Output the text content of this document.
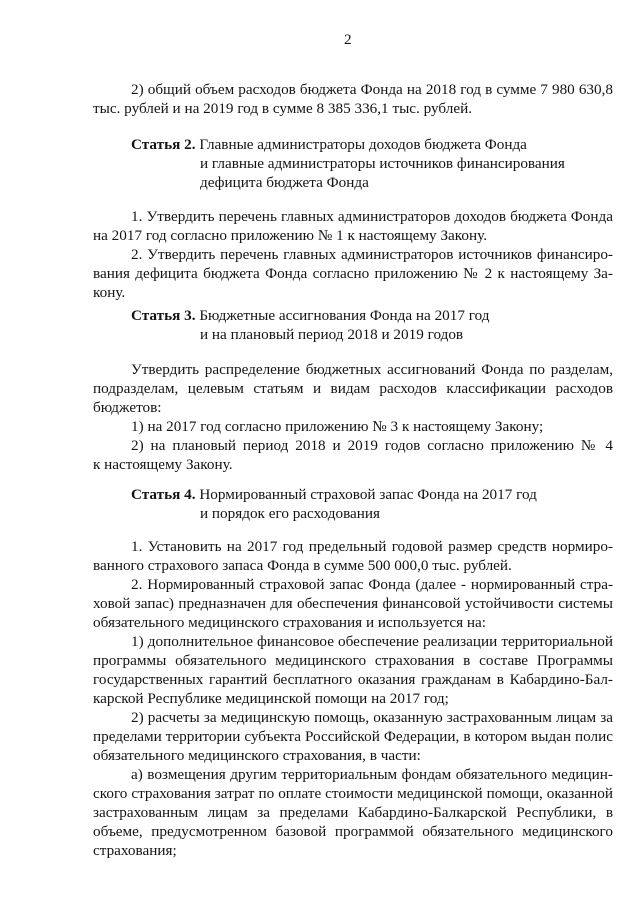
2
2) общий объем расходов бюджета Фонда на 2018 год в сумме 7 980 630,8
тыс. рублей и на 2019 год в сумме 8 385 336,1 тыс. рублей.
Статья 2. Главные администраторы доходов бюджета Фонда
и главные администраторы источников финансирования
дефицита бюджета Фонда
1. Утвердить перечень главных администраторов доходов бюджета Фонда
на 2017 год согласно приложению № 1 к настоящему Закону.
2. Утвердить перечень главных администраторов источников финансиро-
вания дефицита бюджета Фонда согласно приложению № 2 к настоящему За-
кону.
Статья 3. Бюджетные ассигнования Фонда на 2017 год
и на плановый период 2018 и 2019 годов
Утвердить распределение бюджетных ассигнований Фонда по разделам,
подразделам, целевым статьям и видам расходов классификации расходов
бюджетов:
1) на 2017 год согласно приложению № 3 к настоящему Закону;
2) на плановый период 2018 и 2019 годов согласно приложению № 4
к настоящему Закону.
Статья 4. Нормированный страховой запас Фонда на 2017 год
и порядок его расходования
1. Установить на 2017 год предельный годовой размер средств нормиро-
ванного страхового запаса Фонда в сумме 500 000,0 тыс. рублей.
2. Нормированный страховой запас Фонда (далее - нормированный стра-
ховой запас) предназначен для обеспечения финансовой устойчивости системы
обязательного медицинского страхования и используется на:
1) дополнительное финансовое обеспечение реализации территориальной
программы обязательного медицинского страхования в составе Программы
государственных гарантий бесплатного оказания гражданам в Кабардино-Бал-
карской Республике медицинской помощи на 2017 год;
2) расчеты за медицинскую помощь, оказанную застрахованным лицам за
пределами территории субъекта Российской Федерации, в котором выдан полис
обязательного медицинского страхования, в части:
а) возмещения другим территориальным фондам обязательного медицин-
ского страхования затрат по оплате стоимости медицинской помощи, оказанной
застрахованным лицам за пределами Кабардино-Балкарской Республики, в
объеме, предусмотренном базовой программой обязательного медицинского
страхования;
